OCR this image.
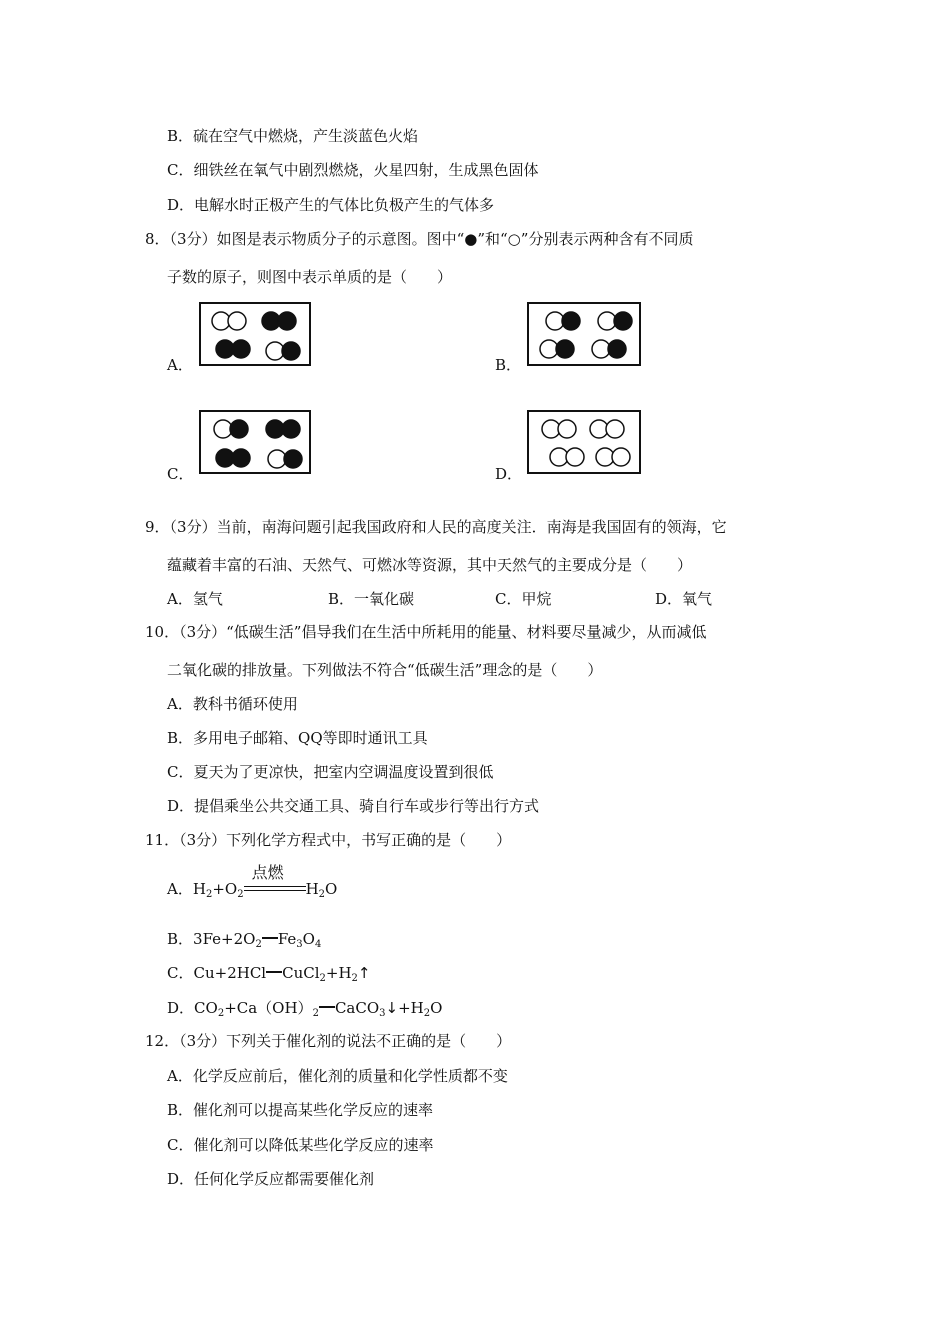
B．硫在空气中燃烧，产生淡蓝色火焰
C．细铁丝在氧气中剧烈燃烧，火星四射，生成黑色固体
D．电解水时正极产生的气体比负极产生的气体多
8．（3分）如图是表示物质分子的示意图。图中“●”和“○”分别表示两种含有不同质
子数的原子，则图中表示单质的是（　　）
A．	B．
C．	D．
9．（3分）当前，南海问题引起我国政府和人民的高度关注．南海是我国固有的领海，它
蕴藏着丰富的石油、天然气、可燃冰等资源，其中天然气的主要成分是（　　）
A．氢气	B．一氧化碳	C．甲烷	D．氧气
10．（3分）“低碳生活”倡导我们在生活中所耗用的能量、材料要尽量减少，从而减低
二氧化碳的排放量。下列做法不符合“低碳生活”理念的是（　　）
A．教科书循环使用
B．多用电子邮箱、QQ等即时通讯工具
C．夏天为了更凉快，把室内空调温度设置到很低
D．提倡乘坐公共交通工具、骑自行车或步行等出行方式
11．（3分）下列化学方程式中，书写正确的是（　　）
A．$H_2+O_2$
点燃
$H_2O$
B．$3Fe+2O_2$ $Fe_3O_4$
C．Cu+2HCl $CuCl_2+H_2↑$
D．$CO_2+Ca(OH)_2$ $CaCO_3↓+H_2O$
12．（3分）下列关于催化剂的说法不正确的是（　　）
A．化学反应前后，催化剂的质量和化学性质都不变
B．催化剂可以提高某些化学反应的速率
C．催化剂可以降低某些化学反应的速率
D．任何化学反应都需要催化剂
